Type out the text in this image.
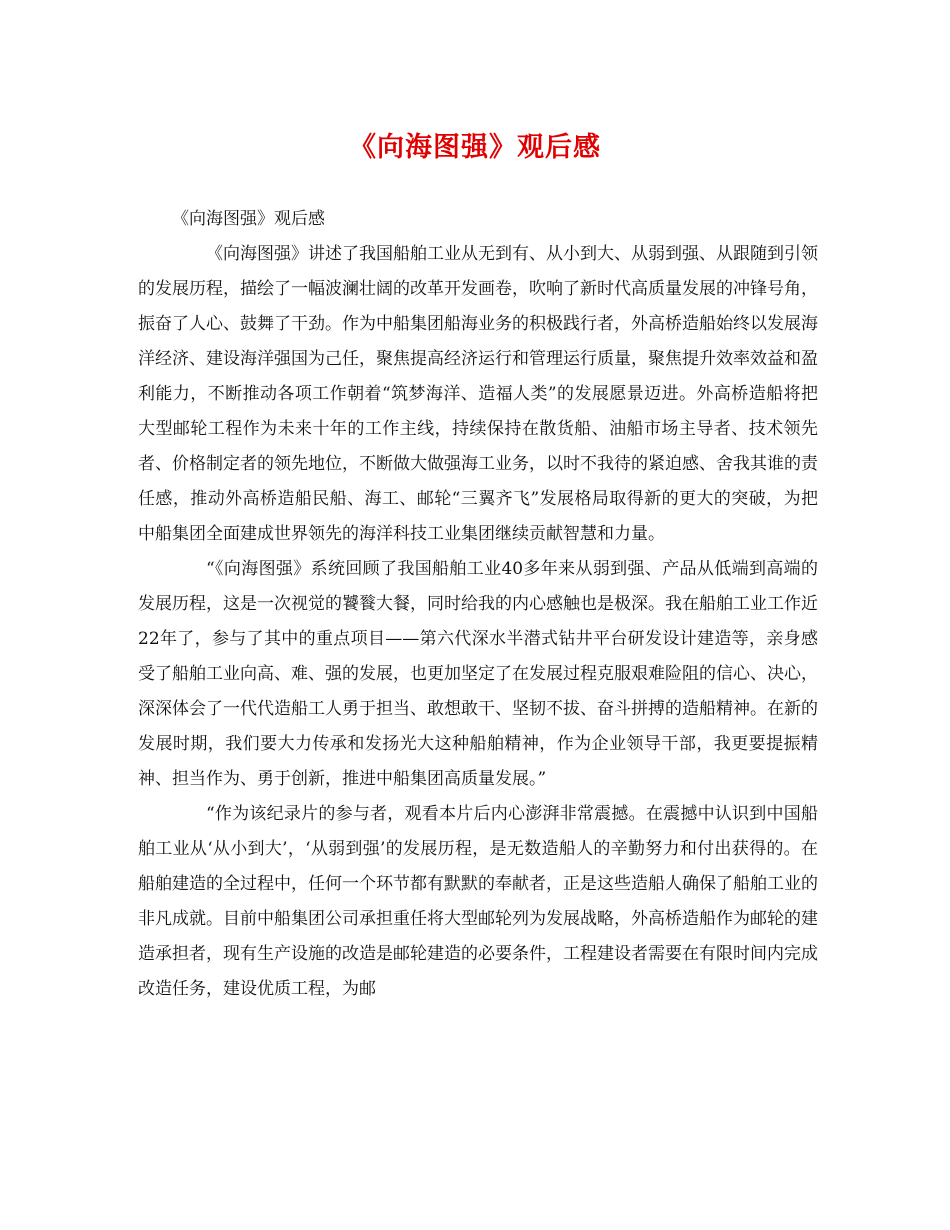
《向海图强》观后感

《向海图强》观后感

《向海图强》讲述了我国船舶工业从无到有、从小到大、从弱到强、从跟随到引领的发展历程，描绘了一幅波澜壮阔的改革开发画卷，吹响了新时代高质量发展的冲锋号角，振奋了人心、鼓舞了干劲。作为中船集团船海业务的积极践行者，外高桥造船始终以发展海洋经济、建设海洋强国为己任，聚焦提高经济运行和管理运行质量，聚焦提升效率效益和盈利能力，不断推动各项工作朝着“筑梦海洋、造福人类”的发展愿景迈进。外高桥造船将把大型邮轮工程作为未来十年的工作主线，持续保持在散货船、油船市场主导者、技术领先者、价格制定者的领先地位，不断做大做强海工业务，以时不我待的紧迫感、舍我其谁的责任感，推动外高桥造船民船、海工、邮轮“三翼齐飞”发展格局取得新的更大的突破，为把中船集团全面建成世界领先的海洋科技工业集团继续贡献智慧和力量。

“《向海图强》系统回顾了我国船舶工业40多年来从弱到强、产品从低端到高端的发展历程，这是一次视觉的饕餮大餐，同时给我的内心感触也是极深。我在船舶工业工作近22年了，参与了其中的重点项目——第六代深水半潜式钻井平台研发设计建造等，亲身感受了船舶工业向高、难、强的发展，也更加坚定了在发展过程克服艰难险阻的信心、决心，深深体会了一代代造船工人勇于担当、敢想敢干、坚韧不拔、奋斗拼搏的造船精神。在新的发展时期，我们要大力传承和发扬光大这种船舶精神，作为企业领导干部，我更要提振精神、担当作为、勇于创新，推进中船集团高质量发展。”

“作为该纪录片的参与者，观看本片后内心澎湃非常震撼。在震撼中认识到中国船舶工业从‘从小到大’，‘从弱到强’的发展历程，是无数造船人的辛勤努力和付出获得的。在船舶建造的全过程中，任何一个环节都有默默的奉献者，正是这些造船人确保了船舶工业的非凡成就。目前中船集团公司承担重任将大型邮轮列为发展战略，外高桥造船作为邮轮的建造承担者，现有生产设施的改造是邮轮建造的必要条件，工程建设者需要在有限时间内完成改造任务，建设优质工程，为邮
